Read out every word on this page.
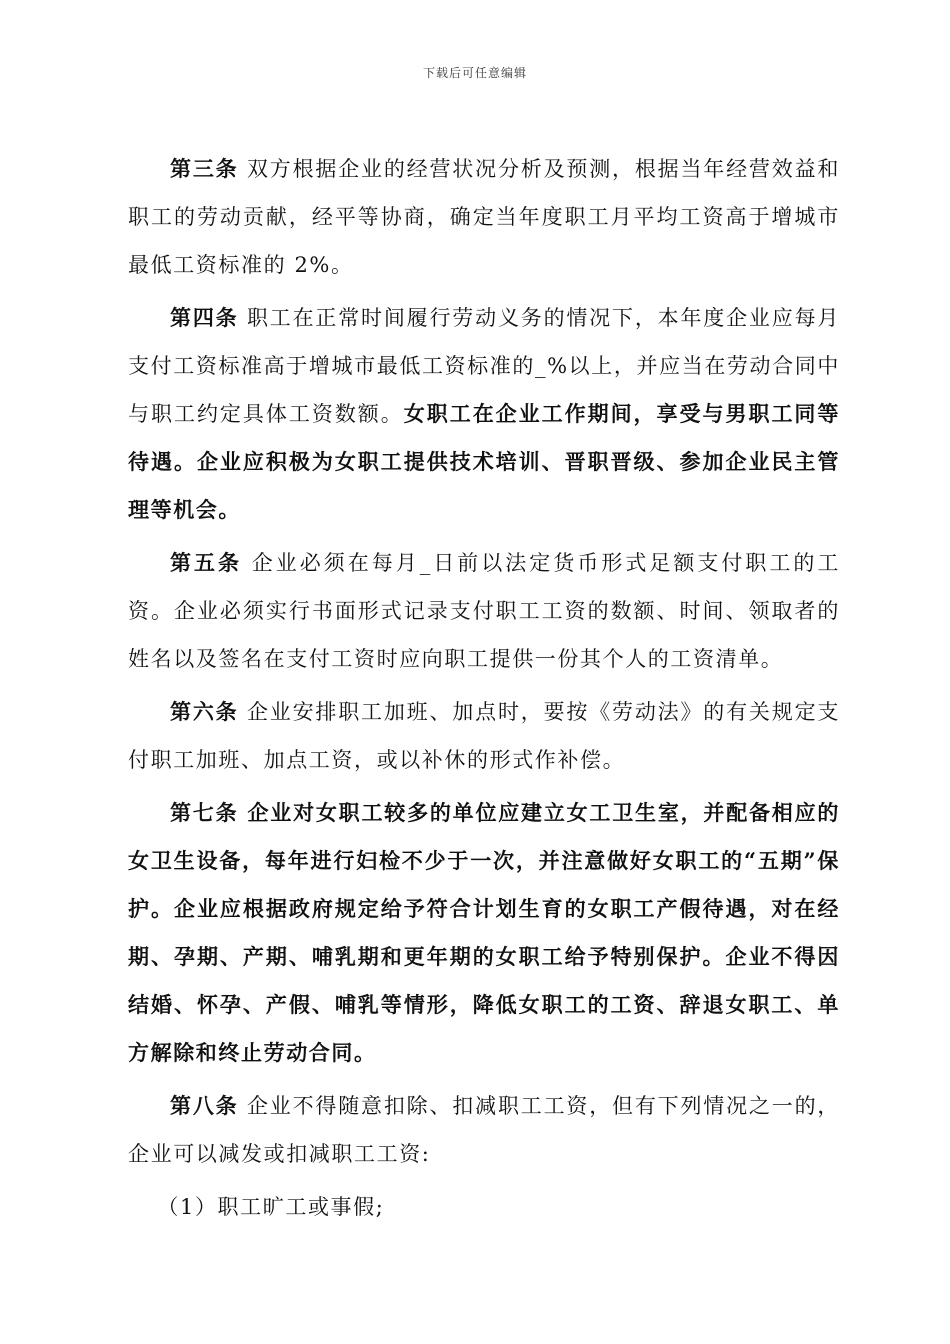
下载后可任意编辑

第三条 双方根据企业的经营状况分析及预测，根据当年经营效益和职工的劳动贡献，经平等协商，确定当年度职工月平均工资高于增城市最低工资标准的 2%。

第四条 职工在正常时间履行劳动义务的情况下，本年度企业应每月支付工资标准高于增城市最低工资标准的_%以上，并应当在劳动合同中与职工约定具体工资数额。女职工在企业工作期间，享受与男职工同等待遇。企业应积极为女职工提供技术培训、晋职晋级、参加企业民主管理等机会。

第五条 企业必须在每月_日前以法定货币形式足额支付职工的工资。企业必须实行书面形式记录支付职工工资的数额、时间、领取者的姓名以及签名在支付工资时应向职工提供一份其个人的工资清单。

第六条 企业安排职工加班、加点时，要按《劳动法》的有关规定支付职工加班、加点工资，或以补休的形式作补偿。

第七条 企业对女职工较多的单位应建立女工卫生室，并配备相应的女卫生设备，每年进行妇检不少于一次，并注意做好女职工的“五期”保护。企业应根据政府规定给予符合计划生育的女职工产假待遇，对在经期、孕期、产期、哺乳期和更年期的女职工给予特别保护。企业不得因结婚、怀孕、产假、哺乳等情形，降低女职工的工资、辞退女职工、单方解除和终止劳动合同。

第八条 企业不得随意扣除、扣减职工工资，但有下列情况之一的，企业可以减发或扣减职工工资:

（1）职工旷工或事假;
